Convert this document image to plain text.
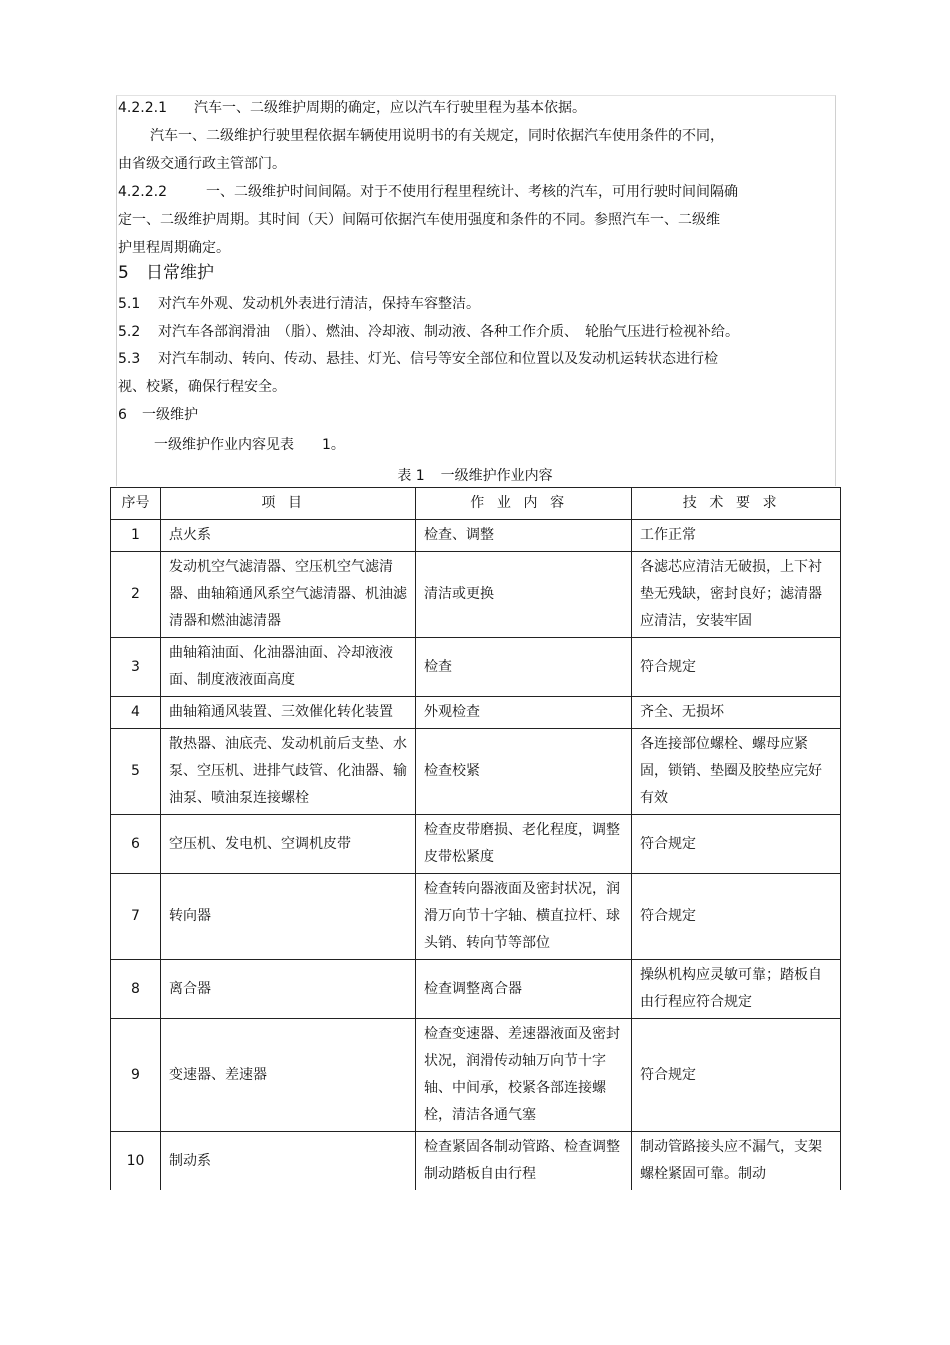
4.2.2.1 汽车一、二级维护周期的确定，应以汽车行驶里程为基本依据。
汽车一、二级维护行驶里程依据车辆使用说明书的有关规定，同时依据汽车使用条件的不同，
由省级交通行政主管部门。
4.2.2.2	一、二级维护时间间隔。对于不使用行程里程统计、考核的汽车，可用行驶时间间隔确
定一、二级维护周期。其时间（天）间隔可依据汽车使用强度和条件的不同。参照汽车一、二级维
护里程周期确定。
5 日常维护
5.1 对汽车外观、发动机外表进行清洁，保持车容整洁。
5.2 对汽车各部润滑油　（脂）、燃油、冷却液、制动液、各种工作介质、　轮胎气压进行检视补给。
5.3 对汽车制动、转向、传动、悬挂、灯光、信号等安全部位和位置以及发动机运转状态进行检
视、校紧，确保行程安全。
6 一级维护
一级维护作业内容见表　　1。
表 1 一级维护作业内容
序号	项目	作业内容	技术要求
1	点火系	检查、调整	工作正常
2	发动机空气滤清器、空压机空气滤清器、曲轴箱通风系空气滤清器、机油滤清器和燃油滤清器	清洁或更换	各滤芯应清洁无破损，上下衬垫无残缺，密封良好；滤清器应清洁，安装牢固
3	曲轴箱油面、化油器油面、冷却液液面、制度液液面高度	检查	符合规定
4	曲轴箱通风装置、三效催化转化装置	外观检查	齐全、无损坏
5	散热器、油底壳、发动机前后支垫、水泵、空压机、进排气歧管、化油器、输油泵、喷油泵连接螺栓	检查校紧	各连接部位螺栓、螺母应紧固，锁销、垫圈及胶垫应完好有效
6	空压机、发电机、空调机皮带	检查皮带磨损、老化程度，调整皮带松紧度	符合规定
7	转向器	检查转向器液面及密封状况，润滑万向节十字轴、横直拉杆、球头销、转向节等部位	符合规定
8	离合器	检查调整离合器	操纵机构应灵敏可靠；踏板自由行程应符合规定
9	变速器、差速器	检查变速器、差速器液面及密封状况，润滑传动轴万向节十字轴、中间承，校紧各部连接螺栓，清洁各通气塞	符合规定
10	制动系	检查紧固各制动管路、检查调整制动踏板自由行程	制动管路接头应不漏气，支架螺栓紧固可靠。制动
